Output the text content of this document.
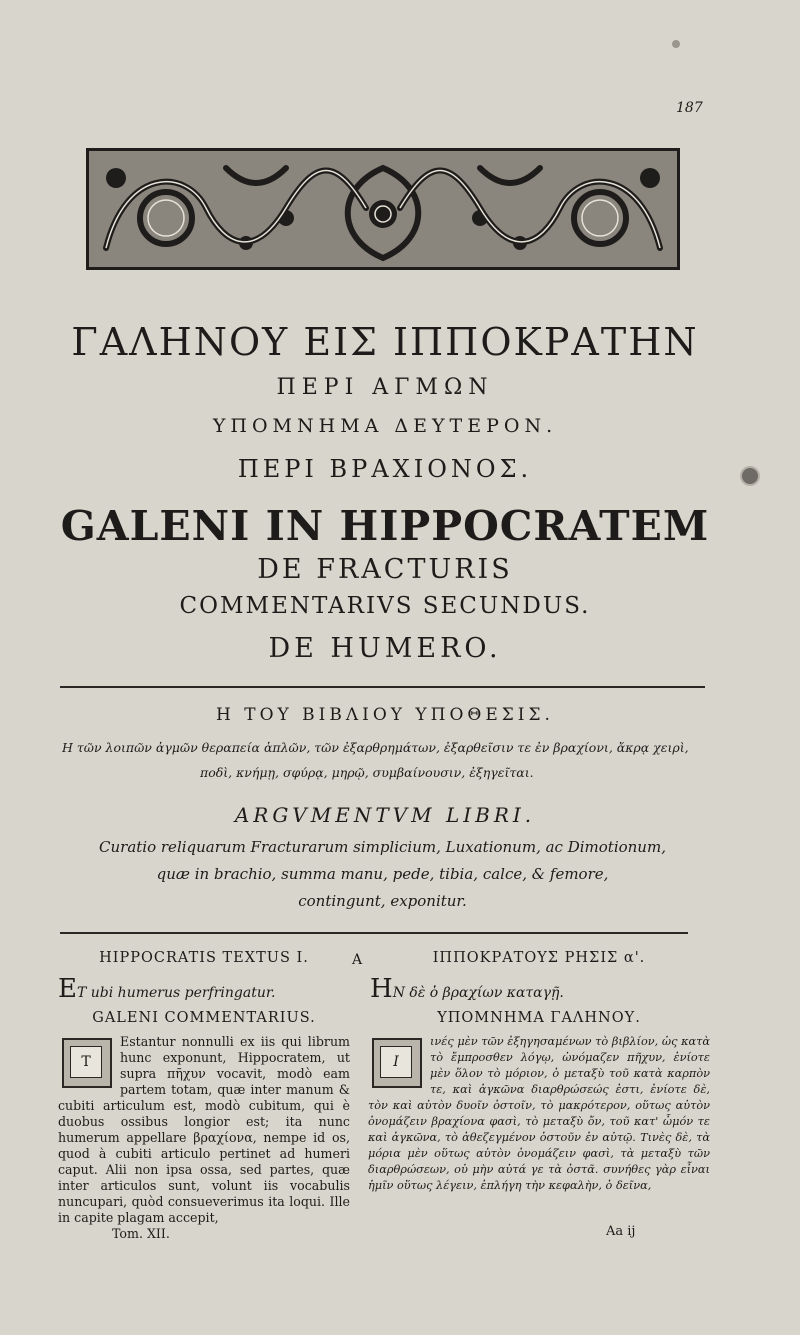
187
ΓΑΛΗΝΟΥ ΕΙΣ ΙΠΠΟΚΡΑΤΗΝ
ΠΕΡΙ ΑΓΜΩΝ
ΥΠΟΜΝΗΜΑ ΔΕΥΤΕΡΟΝ.
ΠΕΡΙ ΒΡΑΧΙΟΝΟΣ.
GALENI IN HIPPOCRATEM
DE FRACTURIS
COMMENTARIVS SECUNDUS.
DE HUMERO.
Η ΤΟΥ ΒΙΒΛΙΟΥ ΥΠΟΘΕΣΙΣ.
Η τῶν λοιπῶν ἀγμῶν θεραπεία ἁπλῶν, τῶν ἐξαρθρημάτων, ἐξαρθεῖσιν τε ἐν βραχίονι, ἄκρᾳ χειρὶ,
ποδὶ, κνήμῃ, σφύρᾳ, μηρῷ, συμβαίνουσιν, ἐξηγεῖται.
ARGVMENTVM LIBRI.
Curatio reliquarum Fracturarum simplicium, Luxationum, ac Dimotionum,
quæ in brachio, summa manu, pede, tibia, calce, & femore,
contingunt, exponitur.
A
HIPPOCRATIS TEXTUS I.
E T ubi humerus perfringatur.
GALENI COMMENTARIUS.
T
Estantur nonnulli ex iis qui librum hunc exponunt, Hippocratem, ut supra πῆχυν vocavit, modò eam partem totam, quæ inter manum & cubiti articulum est, modò cubitum, qui è duobus ossibus longior est; ita nunc humerum appellare βραχίονα, nempe id os, quod à cubiti articulo pertinet ad humeri caput. Alii non ipsa ossa, sed partes, quæ inter articulos sunt, volunt iis vocabulis nuncupari, quòd consueverimus ita loqui. Ille in capite plagam accepit,
Tom. XII.
ΙΠΠΟΚΡΑΤΟΥΣ ΡΗΣΙΣ α'.
Η Ν δὲ ὁ βραχίων καταγῇ.
ΥΠΟΜΝΗΜΑ ΓΑΛΗΝΟΥ.
Ι
ινές μὲν τῶν ἐξηγησαμένων τὸ βιβλίον, ὡς κατὰ τὸ ἔμπροσθεν λόγῳ, ὠνόμαζεν πῆχυν, ἐνίοτε μὲν ὅλον τὸ μόριον, ὁ μεταξὺ τοῦ κατὰ καρπὸν τε, καὶ ἀγκῶνα διαρθρώσεώς ἐστι, ἐνίοτε δὲ, τὸν καὶ αὐτὸν δυοῖν ὀστοῖν, τὸ μακρότερον, οὕτως αὐτὸν ὀνομάζειν βραχίονα φασὶ, τὸ μεταξὺ ὄν, τοῦ κατ' ὦμόν τε καὶ ἀγκῶνα, τὸ ἀθεζεγμένον ὀστοῦν ἐν αὐτῷ. Τινὲς δὲ, τὰ μόρια μὲν οὕτως αὐτὸν ὀνομάζειν φασὶ, τὰ μεταξὺ τῶν διαρθρώσεων, οὐ μὴν αὐτά γε τὰ ὀστᾶ. συνήθες γὰρ εἶναι ἡμῖν οὕτως λέγειν, ἐπλήγη τὴν κεφαλὴν, ὁ δεῖνα,
Aa ij
